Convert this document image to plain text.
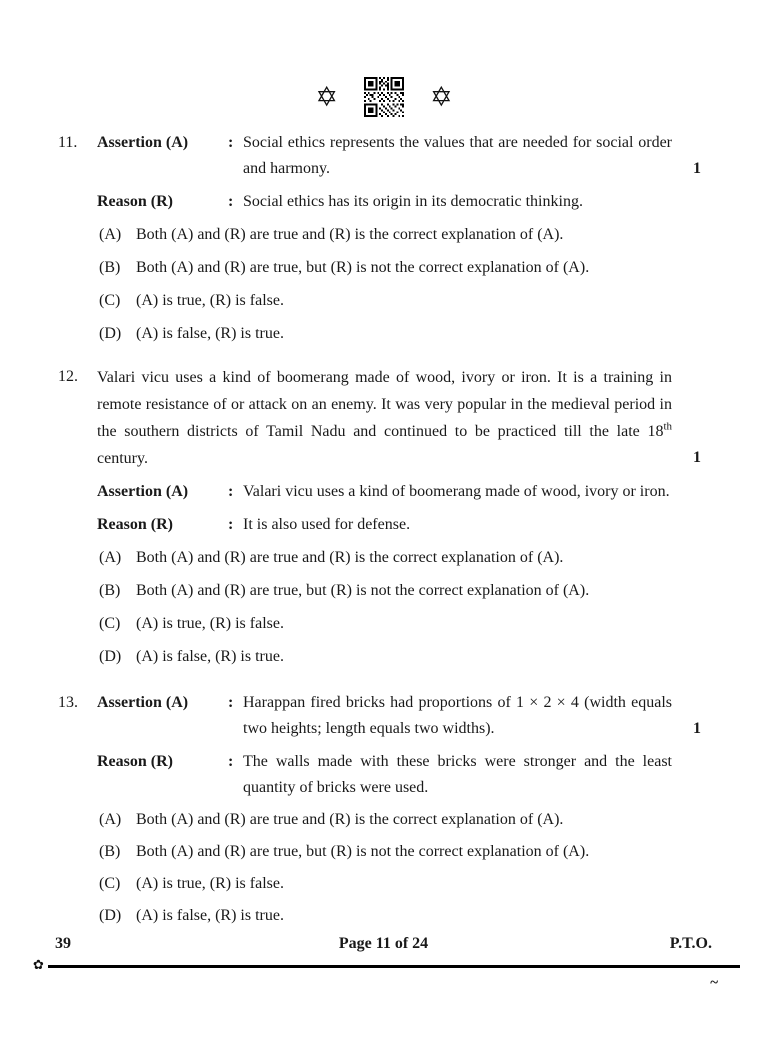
✡	✡
11.	Assertion (A)	: Social ethics represents the values that are needed for social order and harmony.
Reason (R)	: Social ethics has its origin in its democratic thinking.
(A) Both (A) and (R) are true and (R) is the correct explanation of (A).
(B) Both (A) and (R) are true, but (R) is not the correct explanation of (A).
(C) (A) is true, (R) is false.
(D) (A) is false, (R) is true.
1
12.	Valari vicu uses a kind of boomerang made of wood, ivory or iron. It is a training in remote resistance of or attack on an enemy. It was very popular in the medieval period in the southern districts of Tamil Nadu and continued to be practiced till the late 18th century.

Assertion (A)	: Valari vicu uses a kind of boomerang made of wood, ivory or iron.
Reason (R)	: It is also used for defense.
(A) Both (A) and (R) are true and (R) is the correct explanation of (A).
(B) Both (A) and (R) are true, but (R) is not the correct explanation of (A).
(C) (A) is true, (R) is false.
(D) (A) is false, (R) is true.
1
13.	Assertion (A)	: Harappan fired bricks had proportions of 1 × 2 × 4 (width equals two heights; length equals two widths).
Reason (R)	: The walls made with these bricks were stronger and the least quantity of bricks were used.
(A) Both (A) and (R) are true and (R) is the correct explanation of (A).
(B) Both (A) and (R) are true, but (R) is not the correct explanation of (A).
(C) (A) is true, (R) is false.
(D) (A) is false, (R) is true.
1
39	Page 11 of 24	P.T.O.
✿
~
